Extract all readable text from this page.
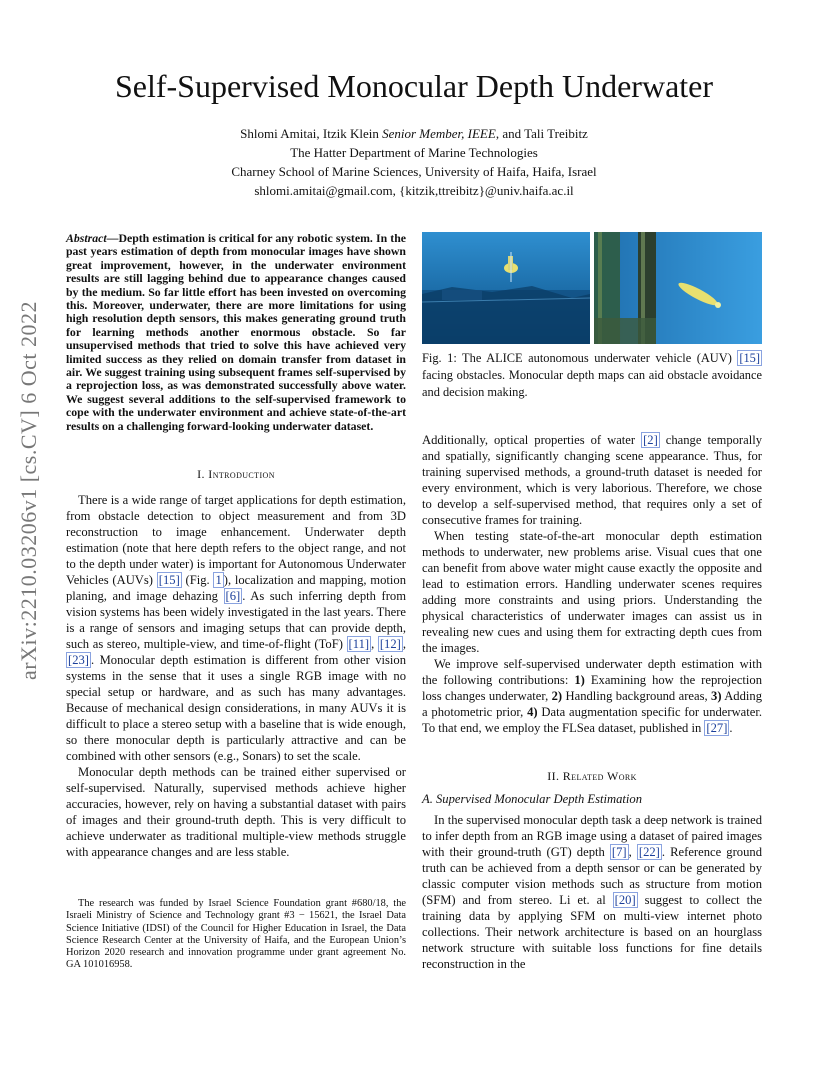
arXiv:2210.03206v1 [cs.CV] 6 Oct 2022
Self-Supervised Monocular Depth Underwater
Shlomi Amitai, Itzik Klein Senior Member, IEEE, and Tali Treibitz
The Hatter Department of Marine Technologies
Charney School of Marine Sciences, University of Haifa, Haifa, Israel
shlomi.amitai@gmail.com, {kitzik,ttreibitz}@univ.haifa.ac.il
Abstract—Depth estimation is critical for any robotic system. In the past years estimation of depth from monocular images have shown great improvement, however, in the underwater environment results are still lagging behind due to appearance changes caused by the medium. So far little effort has been invested on overcoming this. Moreover, underwater, there are more limitations for using high resolution depth sensors, this makes generating ground truth for learning methods another enormous obstacle. So far unsupervised methods that tried to solve this have achieved very limited success as they relied on domain transfer from dataset in air. We suggest training using subsequent frames self-supervised by a reprojection loss, as was demonstrated successfully above water. We suggest several additions to the self-supervised framework to cope with the underwater environment and achieve state-of-the-art results on a challenging forward-looking underwater dataset.
I. Introduction

There is a wide range of target applications for depth estimation, from obstacle detection to object measurement and from 3D reconstruction to image enhancement. Underwater depth estimation (note that here depth refers to the object range, and not to the depth under water) is important for Autonomous Underwater Vehicles (AUVs) [15] (Fig. 1 ), localization and mapping, motion planing, and image dehazing [6] . As such inferring depth from vision systems has been widely investigated in the last years. There is a range of sensors and imaging setups that can provide depth, such as stereo, multiple-view, and time-of-flight (ToF) [11] , [12] , [23] . Monocular depth estimation is different from other vision systems in the sense that it uses a single RGB image with no special setup or hardware, and as such has many advantages. Because of mechanical design considerations, in many AUVs it is difficult to place a stereo setup with a baseline that is wide enough, so there monocular depth is particularly attractive and can be combined with other sensors (e.g., Sonars) to set the scale.

Monocular depth methods can be trained either supervised or self-supervised. Naturally, supervised methods achieve higher accuracies, however, rely on having a substantial dataset with pairs of images and their ground-truth depth. This is very difficult to achieve underwater as traditional multiple-view methods struggle with appearance changes and are less stable.

The research was funded by Israel Science Foundation grant #680/18, the Israeli Ministry of Science and Technology grant #3 − 15621, the Israel Data Science Initiative (IDSI) of the Council for Higher Education in Israel, the Data Science Research Center at the University of Haifa, and the European Union’s Horizon 2020 research and innovation programme under grant agreement No. GA 101016958.
Fig. 1: The ALICE autonomous underwater vehicle (AUV) [15] facing obstacles. Monocular depth maps can aid obstacle avoidance and decision making.

Additionally, optical properties of water [2] change temporally and spatially, significantly changing scene appearance. Thus, for training supervised methods, a ground-truth dataset is needed for every environment, which is very laborious. Therefore, we chose to develop a self-supervised method, that requires only a set of consecutive frames for training.

When testing state-of-the-art monocular depth estimation methods to underwater, new problems arise. Visual cues that one can benefit from above water might cause exactly the opposite and lead to estimation errors. Handling underwater scenes requires adding more constraints and using priors. Understanding the physical characteristics of underwater images can assist us in revealing new cues and using them for extracting depth cues from the images.

We improve self-supervised underwater depth estimation with the following contributions: 1) Examining how the reprojection loss changes underwater, 2) Handling background areas, 3) Adding a photometric prior, 4) Data augmentation specific for underwater. To that end, we employ the FLSea dataset, published in [27] .

II. Related Work
A. Supervised Monocular Depth Estimation

In the supervised monocular depth task a deep network is trained to infer depth from an RGB image using a dataset of paired images with their ground-truth (GT) depth [7] , [22] . Reference ground truth can be achieved from a depth sensor or can be generated by classic computer vision methods such as structure from motion (SFM) and from stereo. Li et. al [20] suggest to collect the training data by applying SFM on multi-view internet photo collections. Their network architecture is based on an hourglass network structure with suitable loss functions for fine details reconstruction in the
